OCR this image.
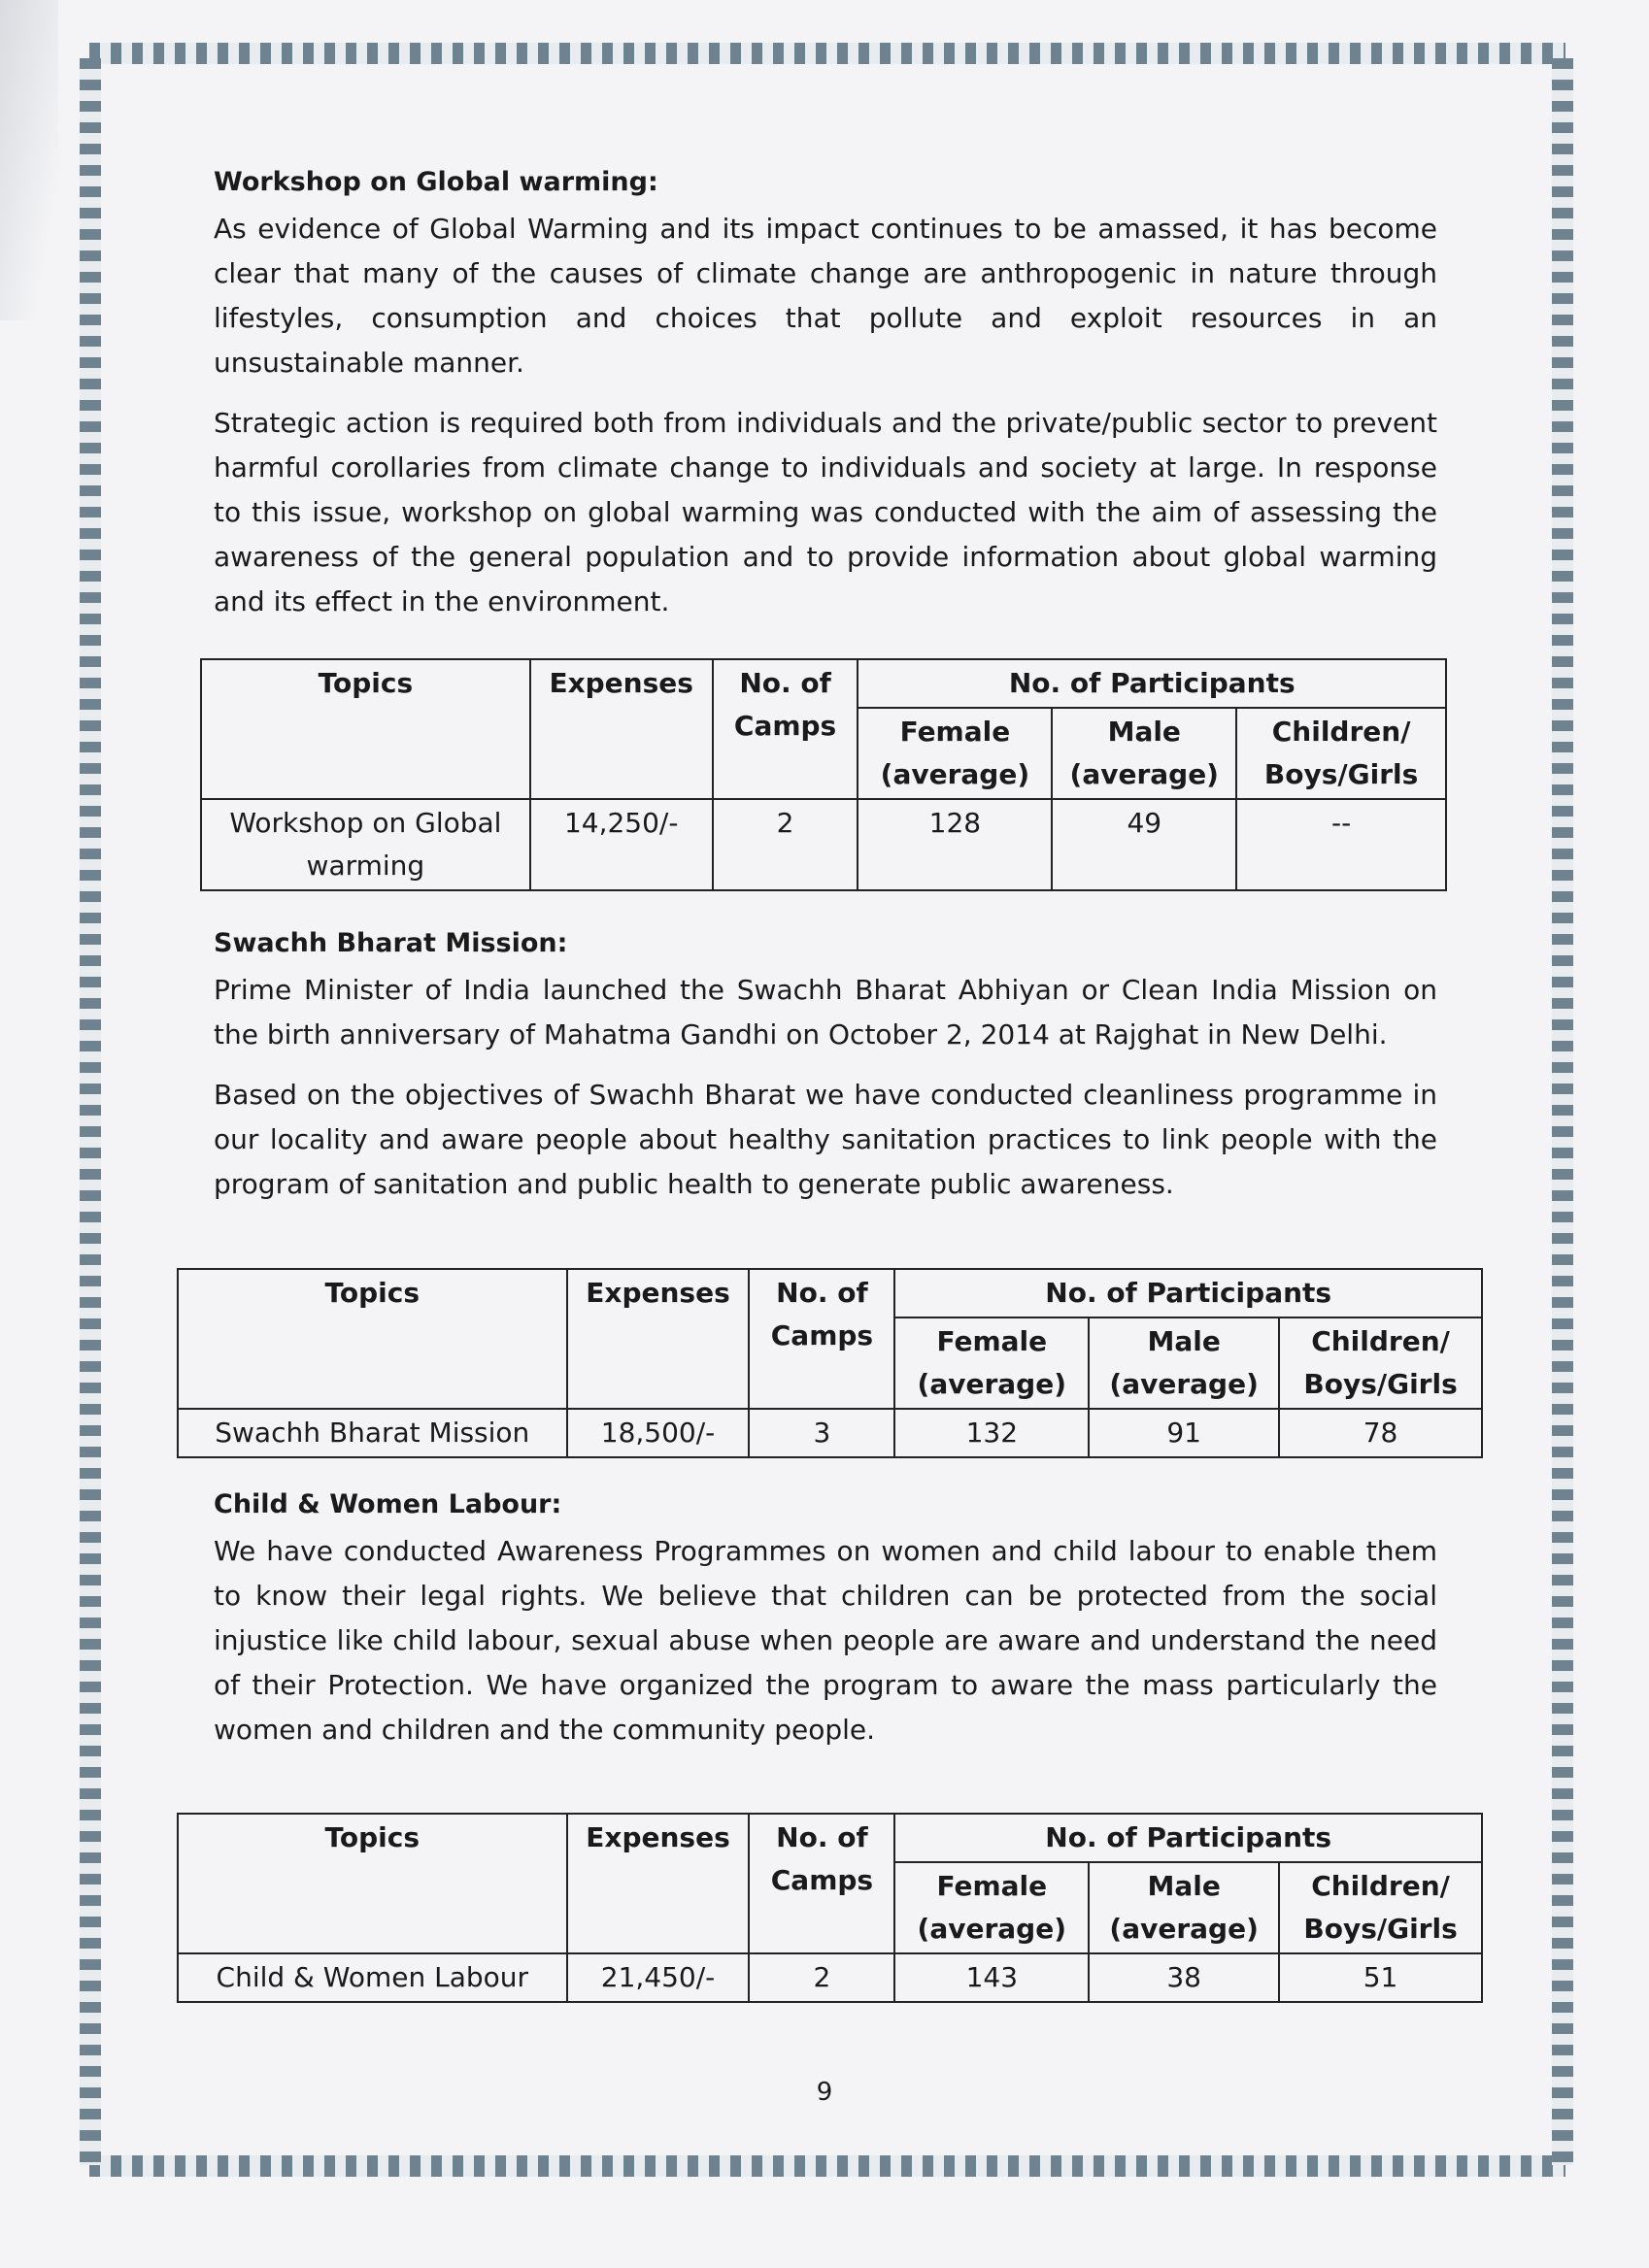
Workshop on Global warming:

As evidence of Global Warming and its impact continues to be amassed, it has become clear that many of the causes of climate change are anthropogenic in nature through lifestyles, consumption and choices that pollute and exploit resources in an unsustainable manner.

Strategic action is required both from individuals and the private/public sector to prevent harmful corollaries from climate change to individuals and society at large. In response to this issue, workshop on global warming was conducted with the aim of assessing the awareness of the general population and to provide information about global warming and its effect in the environment.

Topics	Expenses	No. of Camps	No. of Participants		
			Female (average)	Male (average)	Children/ Boys/Girls
Workshop on Global warming	14,250/-	2	128	49	--
Swachh Bharat Mission:

Prime Minister of India launched the Swachh Bharat Abhiyan or Clean India Mission on the birth anniversary of Mahatma Gandhi on October 2, 2014 at Rajghat in New Delhi.

Based on the objectives of Swachh Bharat we have conducted cleanliness programme in our locality and aware people about healthy sanitation practices to link people with the program of sanitation and public health to generate public awareness.

Topics	Expenses	No. of Camps	No. of Participants		
			Female (average)	Male (average)	Children/ Boys/Girls
Swachh Bharat Mission	18,500/-	3	132	91	78
Child & Women Labour:

We have conducted Awareness Programmes on women and child labour to enable them to know their legal rights. We believe that children can be protected from the social injustice like child labour, sexual abuse when people are aware and understand the need of their Protection. We have organized the program to aware the mass particularly the women and children and the community people.

Topics	Expenses	No. of Camps	No. of Participants		
			Female (average)	Male (average)	Children/ Boys/Girls
Child & Women Labour	21,450/-	2	143	38	51
9
